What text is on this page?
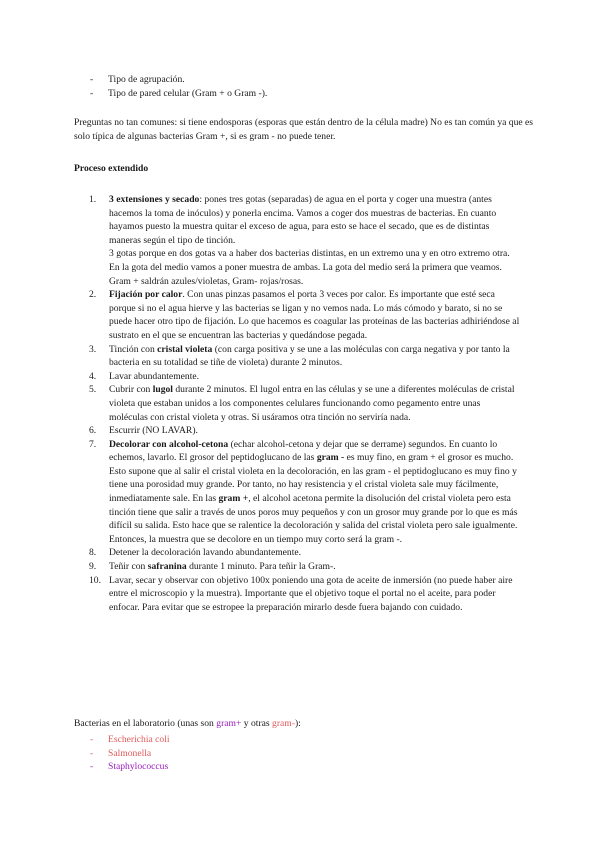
- Tipo de agrupación.
- Tipo de pared celular (Gram + o Gram -).
Preguntas no tan comunes: si tiene endosporas (esporas que están dentro de la célula madre) No es tan común ya que es solo típica de algunas bacterias Gram +, si es gram - no puede tener.
Proceso extendido
1. 3 extensiones y secado: pones tres gotas (separadas) de agua en el porta y coger una muestra (antes hacemos la toma de inóculos) y ponerla encima. Vamos a coger dos muestras de bacterias. En cuanto hayamos puesto la muestra quitar el exceso de agua, para esto se hace el secado, que es de distintas maneras según el tipo de tinción.

3 gotas porque en dos gotas va a haber dos bacterias distintas, en un extremo una y en otro extremo otra. En la gota del medio vamos a poner muestra de ambas. La gota del medio será la primera que veamos. Gram + saldrán azules/violetas, Gram- rojas/rosas.

2. Fijación por calor. Con unas pinzas pasamos el porta 3 veces por calor. Es importante que esté seca porque si no el agua hierve y las bacterias se ligan y no vemos nada. Lo más cómodo y barato, si no se puede hacer otro tipo de fijación. Lo que hacemos es coagular las proteínas de las bacterias adhiriéndose al sustrato en el que se encuentran las bacterias y quedándose pegada.

3. Tinción con cristal violeta (con carga positiva y se une a las moléculas con carga negativa y por tanto la bacteria en su totalidad se tiñe de violeta) durante 2 minutos.

4. Lavar abundantemente.

5. Cubrir con lugol durante 2 minutos. El lugol entra en las células y se une a diferentes moléculas de cristal violeta que estaban unidos a los componentes celulares funcionando como pegamento entre unas moléculas con cristal violeta y otras. Si usáramos otra tinción no serviría nada.

6. Escurrir (NO LAVAR).

7. Decolorar con alcohol-cetona (echar alcohol-cetona y dejar que se derrame) segundos. En cuanto lo echemos, lavarlo. El grosor del peptidoglucano de las gram - es muy fino, en gram + el grosor es mucho. Esto supone que al salir el cristal violeta en la decoloración, en las gram - el peptidoglucano es muy fino y tiene una porosidad muy grande. Por tanto, no hay resistencia y el cristal violeta sale muy fácilmente, inmediatamente sale. En las gram +, el alcohol acetona permite la disolución del cristal violeta pero esta tinción tiene que salir a través de unos poros muy pequeños y con un grosor muy grande por lo que es más difícil su salida. Esto hace que se ralentice la decoloración y salida del cristal violeta pero sale igualmente. Entonces, la muestra que se decolore en un tiempo muy corto será la gram -.

8. Detener la decoloración lavando abundantemente.

9. Teñir con safranina durante 1 minuto. Para teñir la Gram-.

10. Lavar, secar y observar con objetivo 100x poniendo una gota de aceite de inmersión (no puede haber aire entre el microscopio y la muestra). Importante que el objetivo toque el portal no el aceite, para poder enfocar. Para evitar que se estropee la preparación mirarlo desde fuera bajando con cuidado.

Bacterias en el laboratorio (unas son gram+ y otras gram-):
- Escherichia coli
- Salmonella
- Staphylococcus
